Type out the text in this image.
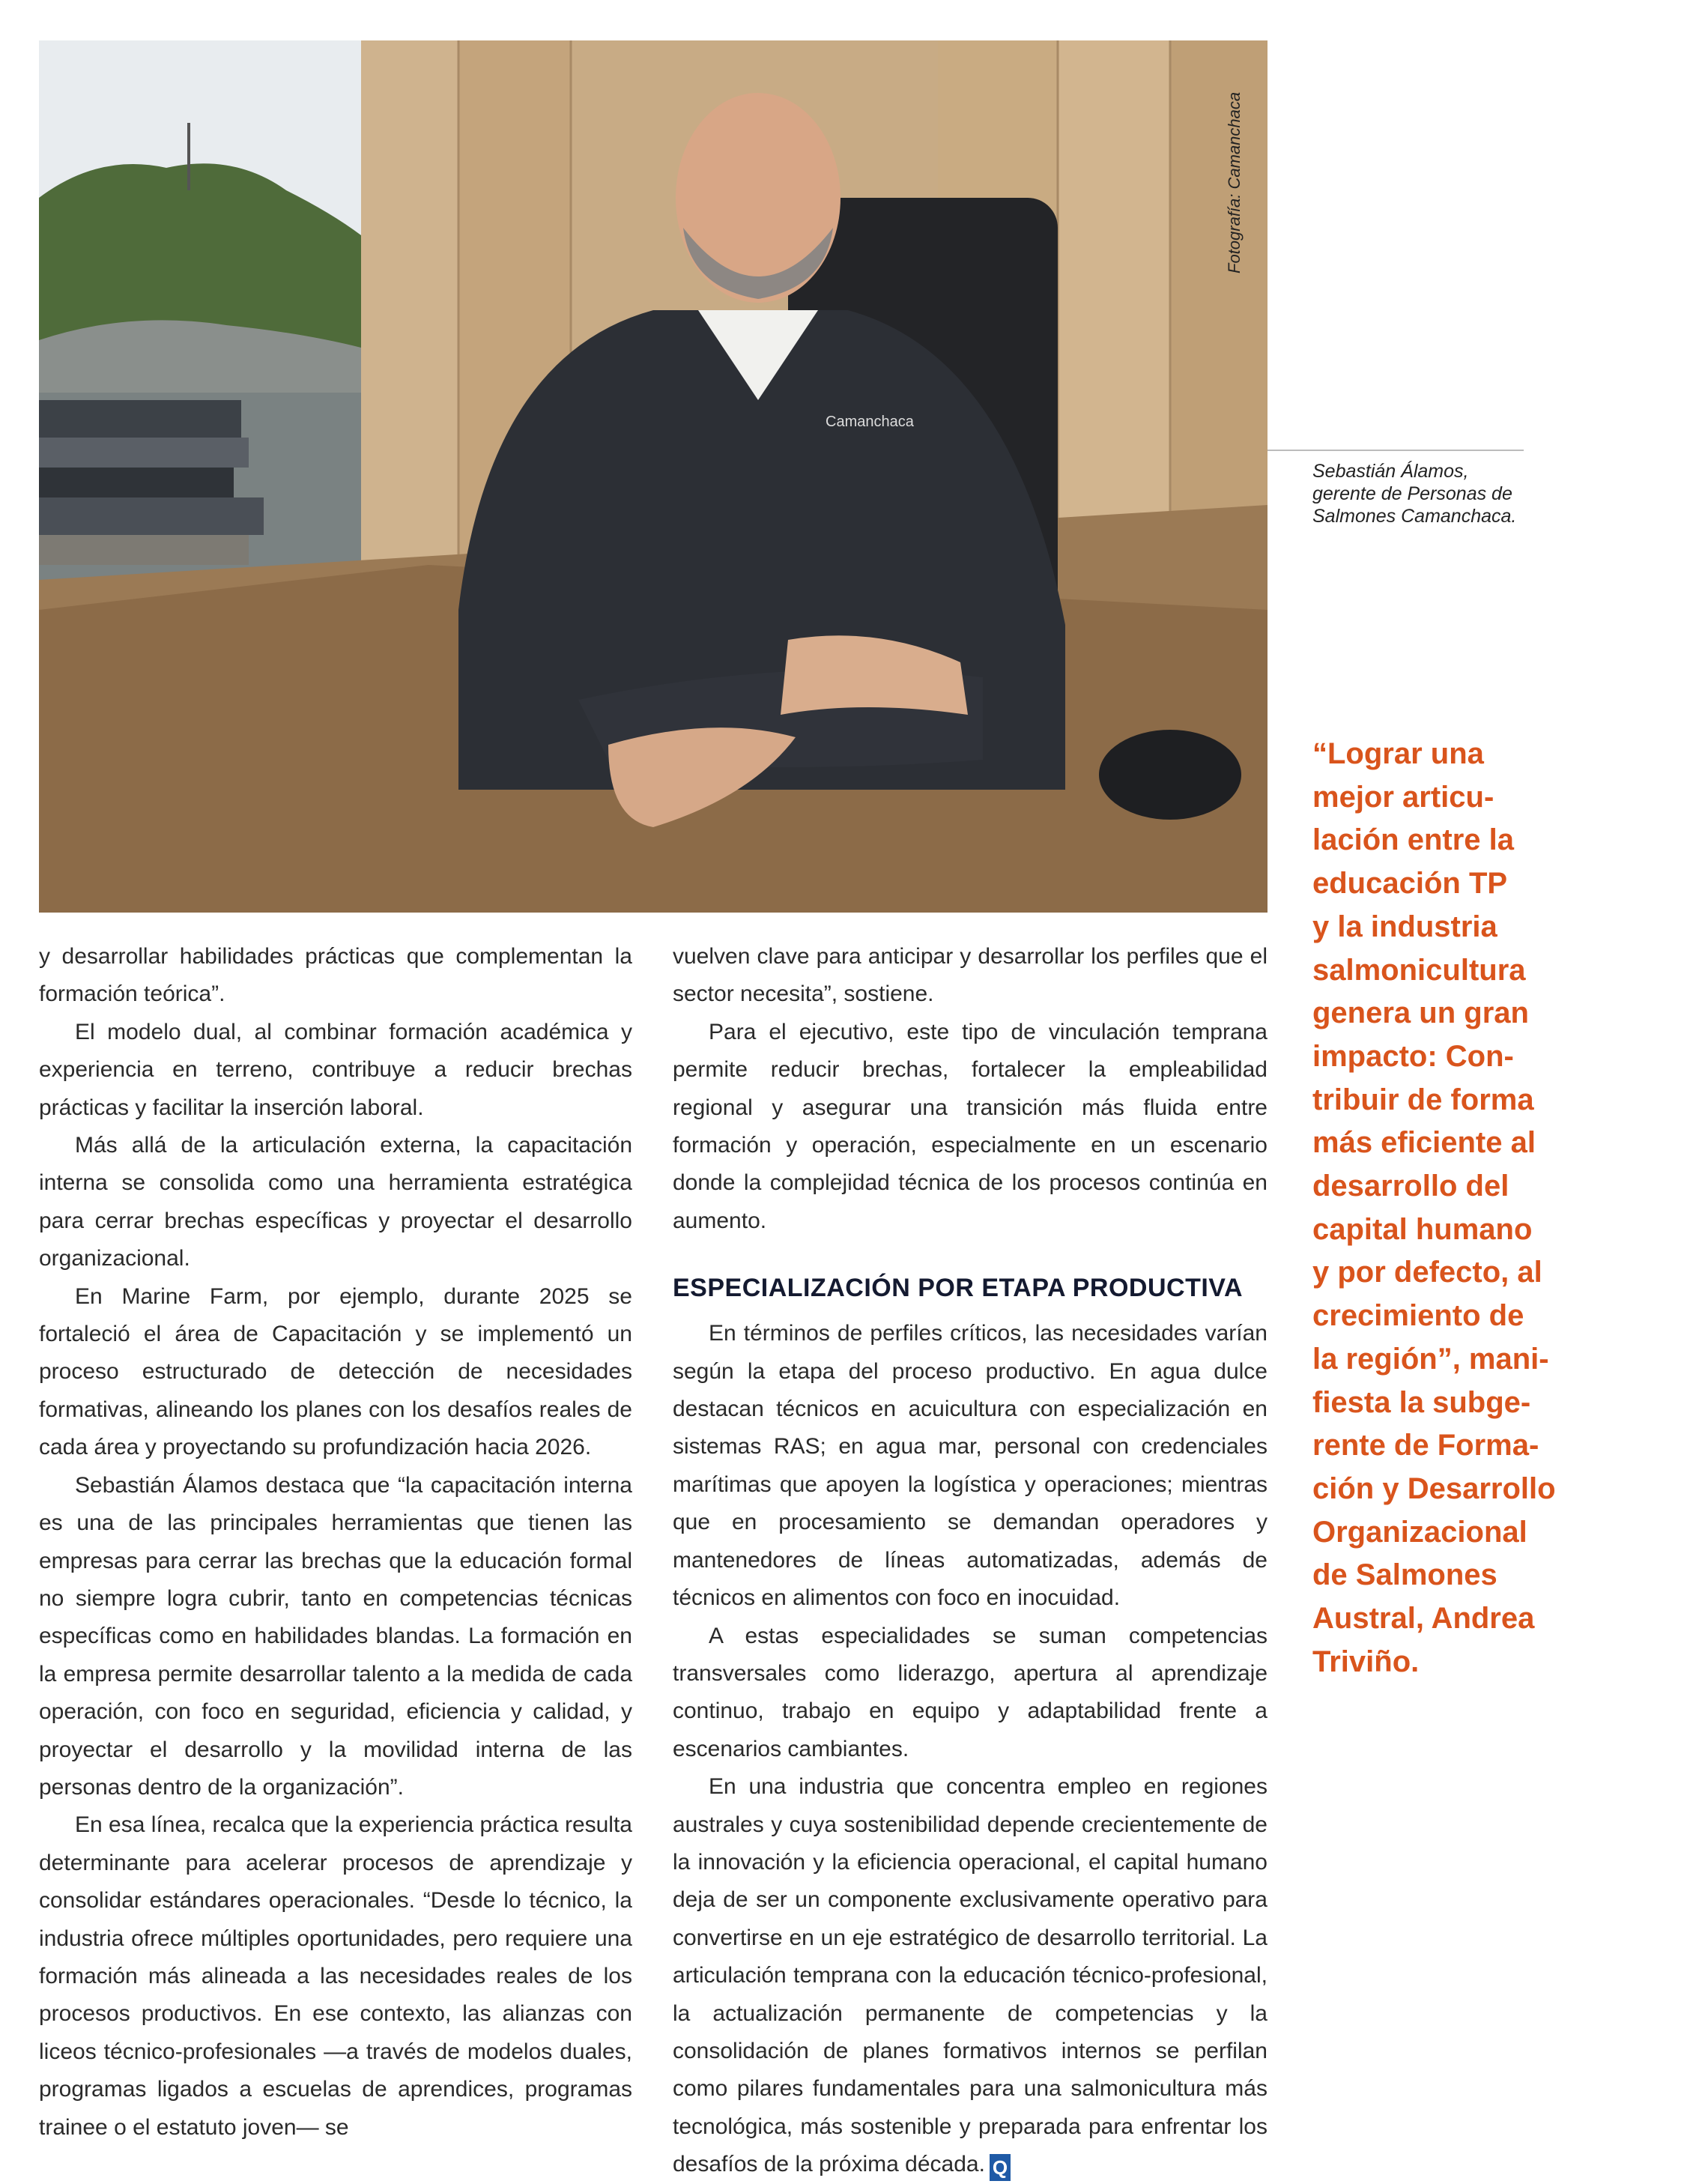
Camanchaca
Fotografía: Camanchaca
Sebastián Álamos,
gerente de Personas de
Salmones Camanchaca.
“Lograr una
mejor articu-
lación entre la
educación TP
y la industria
salmonicultura
genera un gran
impacto: Con-
tribuir de forma
más eficiente al
desarrollo del
capital humano
y por defecto, al
crecimiento de
la región”, mani-
fiesta la subge-
rente de Forma-
ción y Desarrollo
Organizacional
de Salmones
Austral, Andrea
Triviño.

y desarrollar habilidades prácticas que complementan la formación teórica”.

El modelo dual, al combinar formación académica y experiencia en terreno, contribuye a reducir brechas prácticas y facilitar la inserción laboral.

Más allá de la articulación externa, la capacitación interna se consolida como una herramienta estratégica para cerrar brechas específicas y proyectar el desarrollo organizacional.

En Marine Farm, por ejemplo, durante 2025 se fortaleció el área de Capacitación y se implementó un proceso estructurado de detección de necesidades formativas, alineando los planes con los desafíos reales de cada área y proyectando su profundización hacia 2026.

Sebastián Álamos destaca que “la capacitación interna es una de las principales herramientas que tienen las empresas para cerrar las brechas que la educación formal no siempre logra cubrir, tanto en competencias técnicas específicas como en habilidades blandas. La formación en la empresa permite desarrollar talento a la medida de cada operación, con foco en seguridad, eficiencia y calidad, y proyectar el desarrollo y la movilidad interna de las personas dentro de la organización”.

En esa línea, recalca que la experiencia práctica resulta determinante para acelerar procesos de aprendizaje y consolidar estándares operacionales. “Desde lo técnico, la industria ofrece múltiples oportunidades, pero requiere una formación más alineada a las necesidades reales de los procesos productivos. En ese contexto, las alianzas con liceos técnico-profesionales —a través de modelos duales, programas ligados a escuelas de aprendices, programas trainee o el estatuto joven— se

vuelven clave para anticipar y desarrollar los perfiles que el sector necesita”, sostiene.

Para el ejecutivo, este tipo de vinculación temprana permite reducir brechas, fortalecer la empleabilidad regional y asegurar una transición más fluida entre formación y operación, especialmente en un escenario donde la complejidad técnica de los procesos continúa en aumento.

ESPECIALIZACIÓN POR ETAPA PRODUCTIVA

En términos de perfiles críticos, las necesidades varían según la etapa del proceso productivo. En agua dulce destacan técnicos en acuicultura con especialización en sistemas RAS; en agua mar, personal con credenciales marítimas que apoyen la logística y operaciones; mientras que en procesamiento se demandan operadores y mantenedores de líneas automatizadas, además de técnicos en alimentos con foco en inocuidad.

A estas especialidades se suman competencias transversales como liderazgo, apertura al aprendizaje continuo, trabajo en equipo y adaptabilidad frente a escenarios cambiantes.

En una industria que concentra empleo en regiones australes y cuya sostenibilidad depende crecientemente de la innovación y la eficiencia operacional, el capital humano deja de ser un componente exclusivamente operativo para convertirse en un eje estratégico de desarrollo territorial. La articulación temprana con la educación técnico-profesional, la actualización permanente de competencias y la consolidación de planes formativos internos se perfilan como pilares fundamentales para una salmonicultura más tecnológica, más sostenible y preparada para enfrentar los desafíos de la próxima década. Q
